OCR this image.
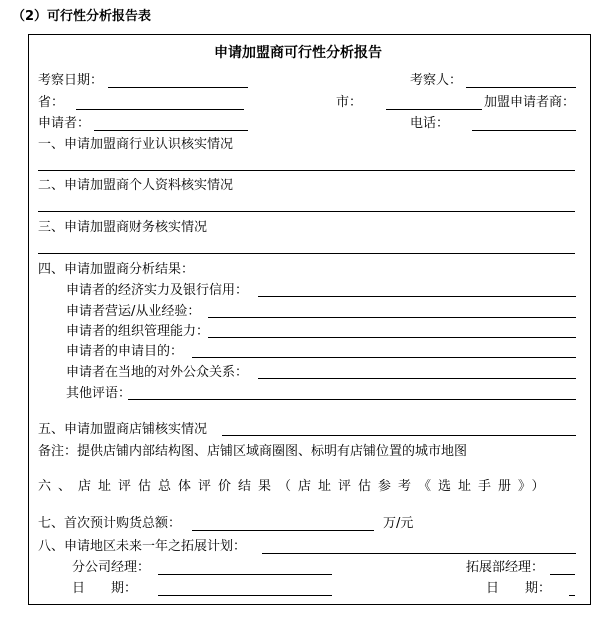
（2）可行性分析报告表
申请加盟商可行性分析报告
考察日期：	考察人：
省：	市：	加盟申请者商：
申请者：	电话：
一、申请加盟商行业认识核实情况
二、申请加盟商个人资料核实情况
三、申请加盟商财务核实情况
四、申请加盟商分析结果：
申请者的经济实力及银行信用：
申请者营运/从业经验：
申请者的组织管理能力：
申请者的申请目的：
申请者在当地的对外公众关系：
其他评语：
五、申请加盟商店铺核实情况
备注：提供店铺内部结构图、店铺区域商圈图、标明有店铺位置的城市地图
六、店址评估总体评价结果（店址评估参考《选址手册》）
七、首次预计购货总额：	万/元
八、申请地区未来一年之拓展计划：
分公司经理：	拓展部经理：
日　　期：	日　　期：
